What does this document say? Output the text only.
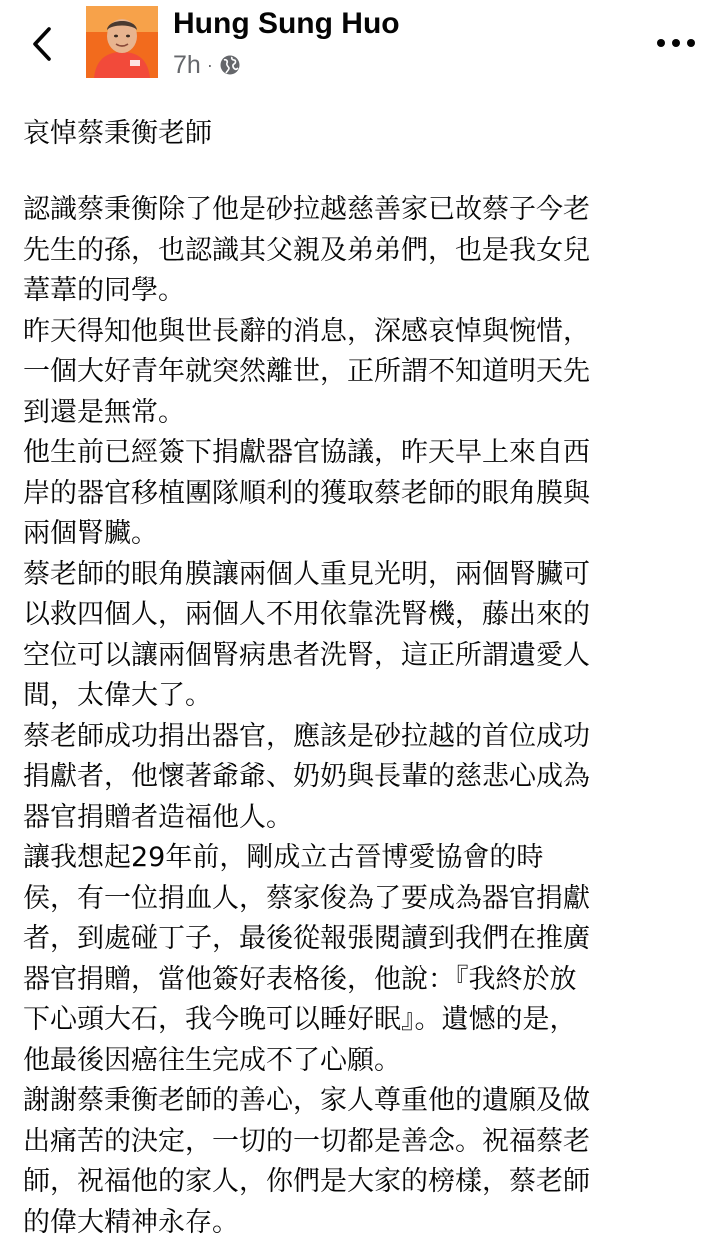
Hung Sung Huo
7h ·
哀悼蔡秉衡老師
認識蔡秉衡除了他是砂拉越慈善家已故蔡子今老
先生的孫，也認識其父親及弟弟們，也是我女兒
葦葦的同學。
昨天得知他與世長辭的消息，深感哀悼與惋惜，
一個大好青年就突然離世，正所謂不知道明天先
到還是無常。
他生前已經簽下捐獻器官協議，昨天早上來自西
岸的器官移植團隊順利的獲取蔡老師的眼角膜與
兩個腎臟。
蔡老師的眼角膜讓兩個人重見光明，兩個腎臟可
以救四個人，兩個人不用依靠洗腎機，藤出來的
空位可以讓兩個腎病患者洗腎，這正所謂遺愛人
間，太偉大了。
蔡老師成功捐出器官，應該是砂拉越的首位成功
捐獻者，他懷著爺爺、奶奶與長輩的慈悲心成為
器官捐贈者造福他人。
讓我想起29年前，剛成立古晉博愛協會的時
侯，有一位捐血人，蔡家俊為了要成為器官捐獻
者，到處碰丁子，最後從報張閱讀到我們在推廣
器官捐贈，當他簽好表格後，他說：『我終於放
下心頭大石，我今晚可以睡好眠』。遺憾的是，
他最後因癌往生完成不了心願。
謝謝蔡秉衡老師的善心，家人尊重他的遺願及做
出痛苦的決定，一切的一切都是善念。祝福蔡老
師，祝福他的家人，你們是大家的榜樣，蔡老師
的偉大精神永存。
